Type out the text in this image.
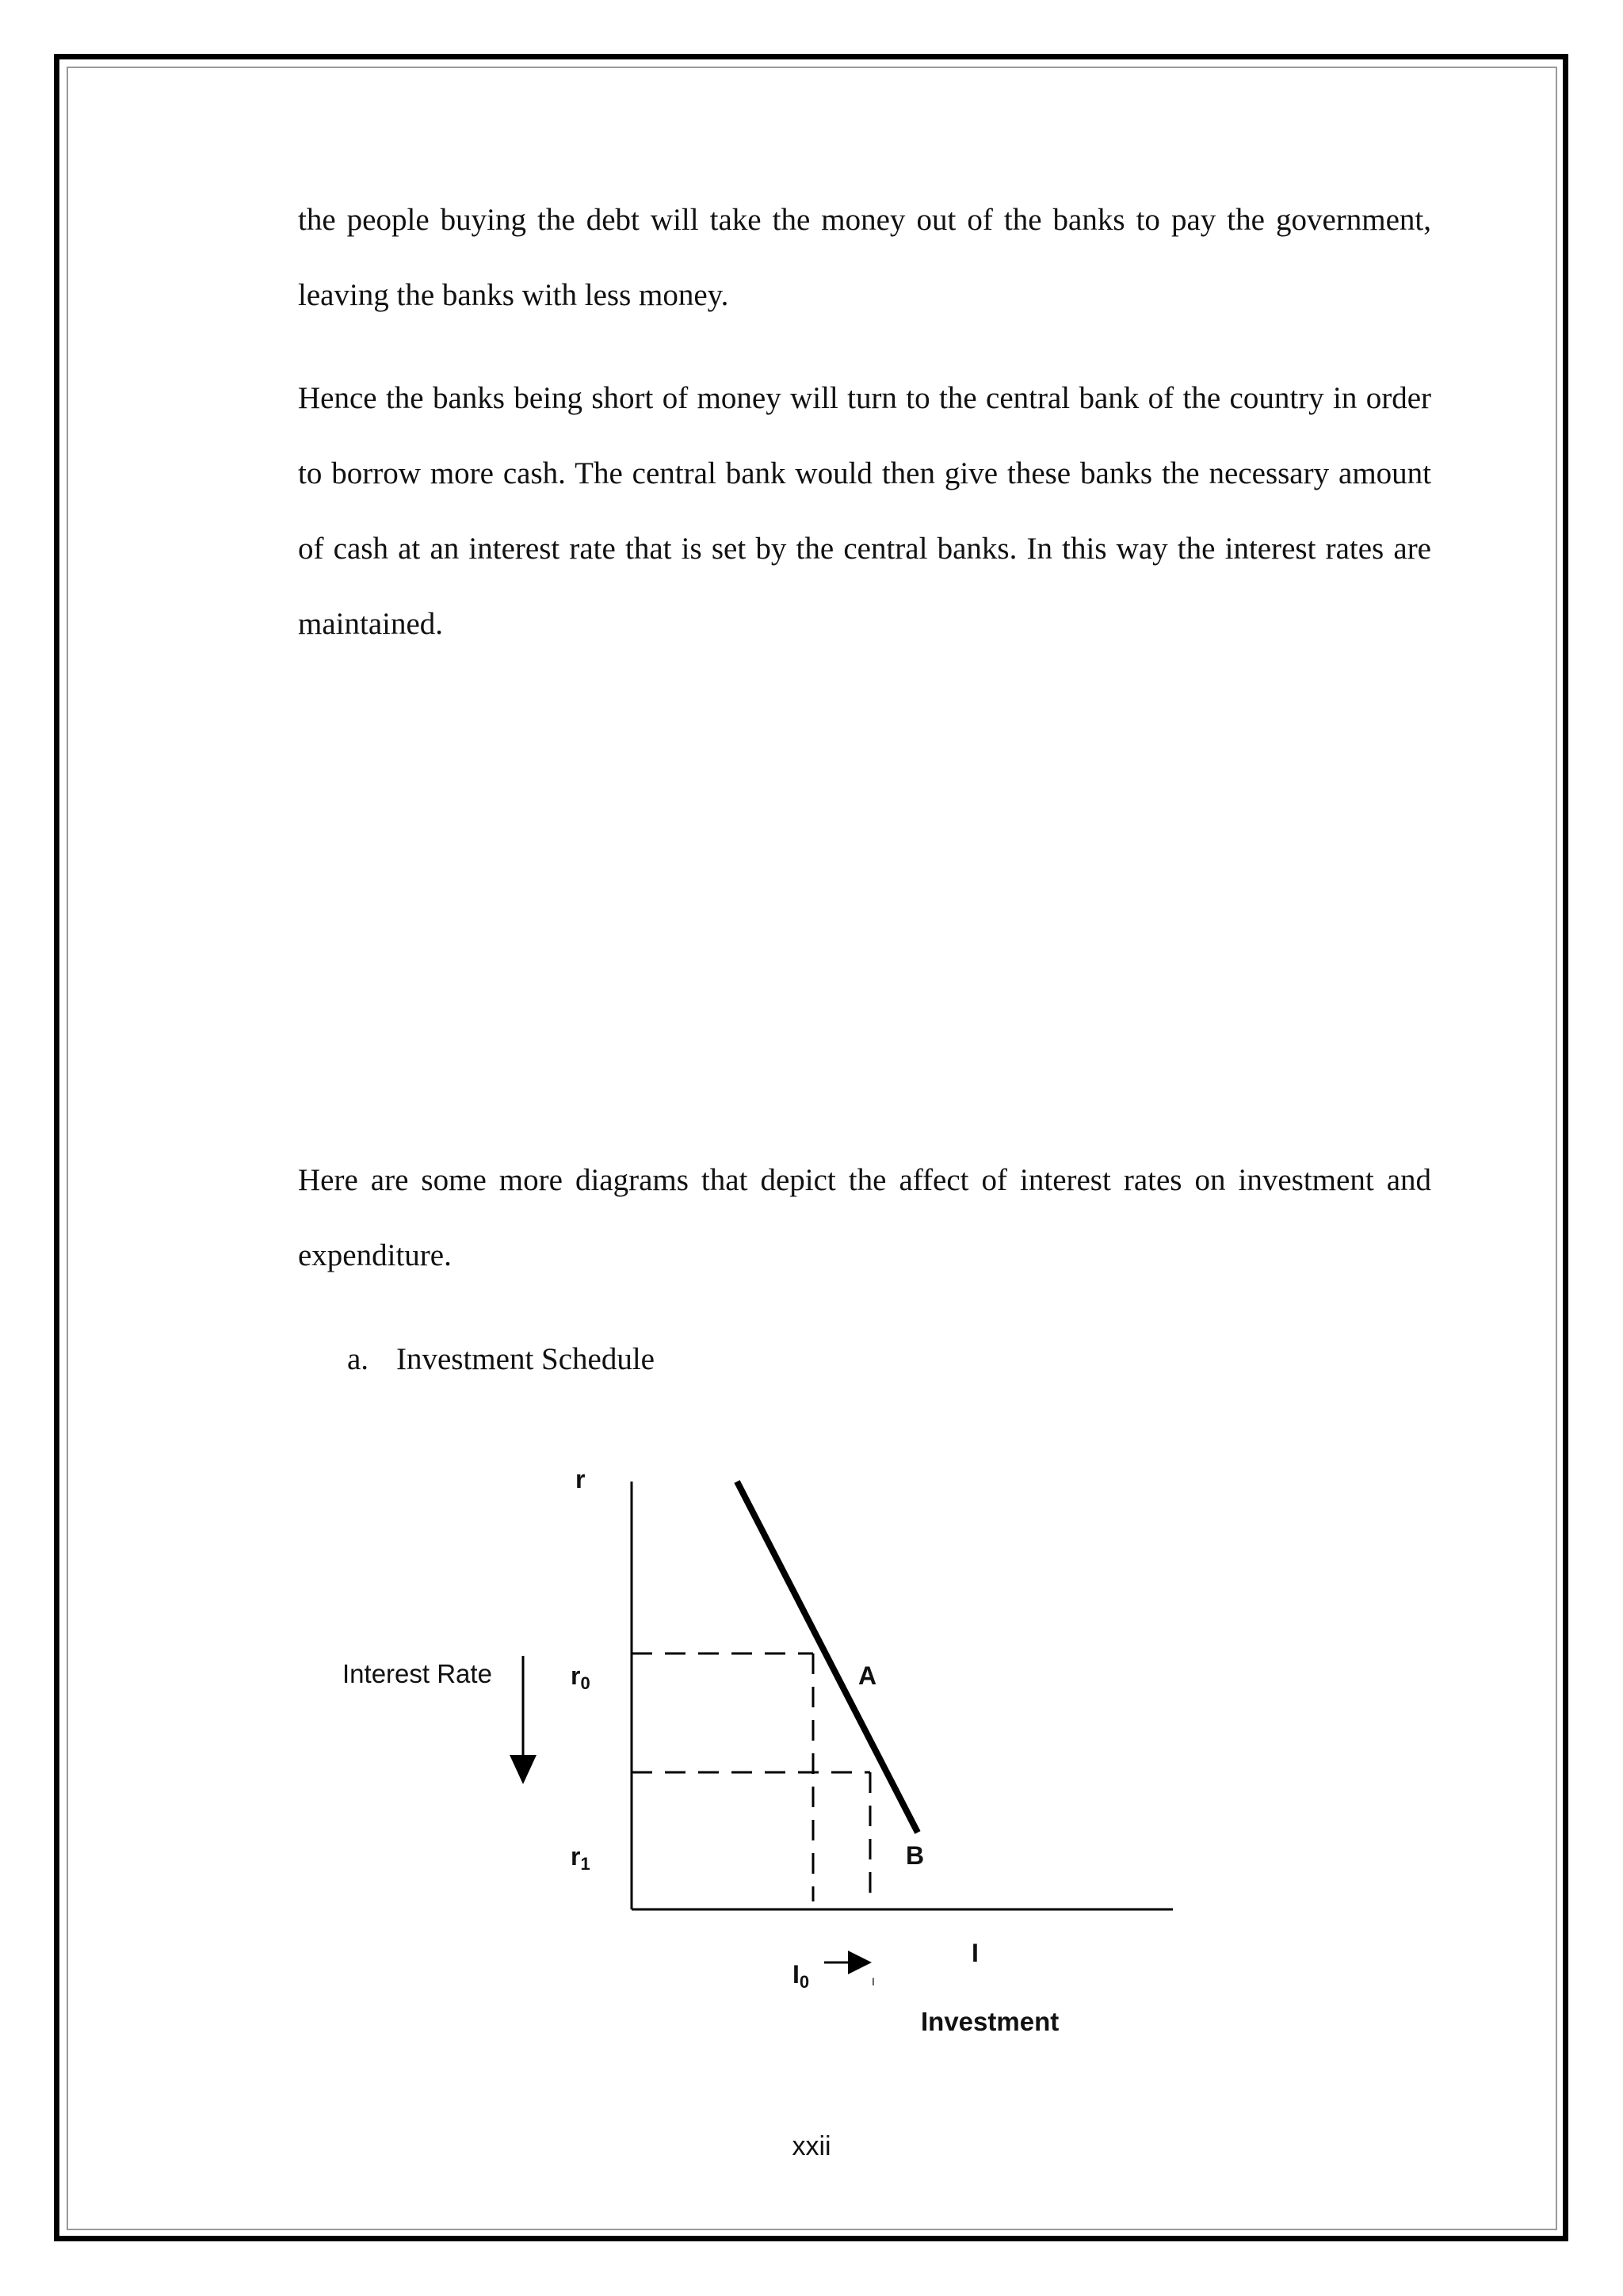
the people buying the debt will take the money out of the banks to pay the government, leaving the banks with less money.

Hence the banks being short of money will turn to the central bank of the country in order to borrow more cash. The central bank would then give these banks the necessary amount of cash at an interest rate that is set by the central banks. In this way the interest rates are maintained.

Here are some more diagrams that depict the affect of interest rates on investment and expenditure.

a. Investment Schedule
r
Interest Rate	r0
r1
A
B
I
I0	I
Investment
xxii
